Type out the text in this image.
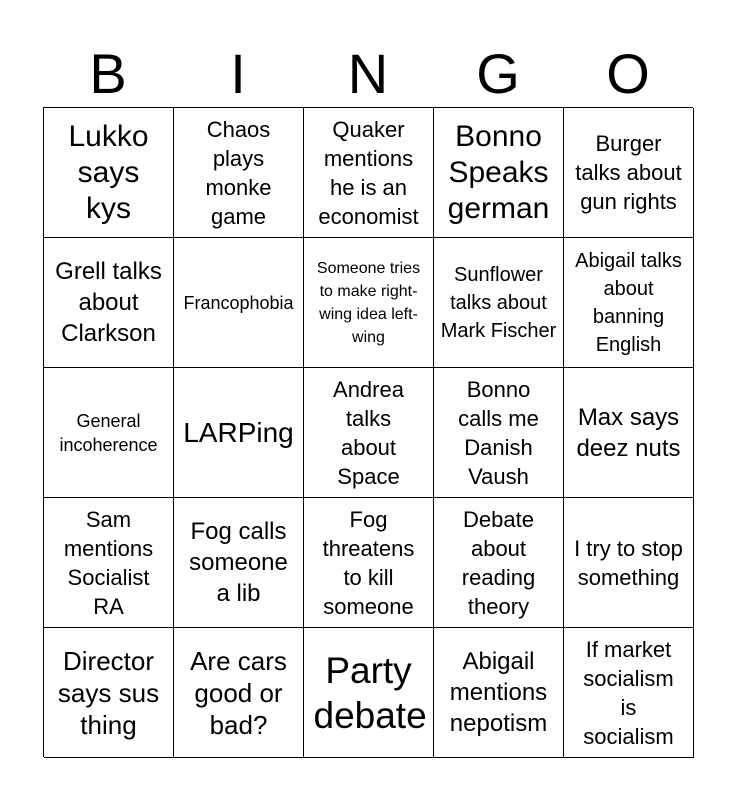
B	I	N	G	O
Lukko says kys
Chaos plays monke game
Quaker mentions he is an economist
Bonno Speaks german
Burger talks about gun rights
Grell talks about Clarkson
Francophobia
Someone tries to make right-wing idea left-wing
Sunflower talks about Mark Fischer
Abigail talks about banning English
General incoherence LARPing
Andrea talks about Space
Bonno calls me Danish Vaush
Max says deez nuts
Sam mentions Socialist RA
Fog calls someone a lib
Fog threatens to kill someone
Debate about reading theory
I try to stop something
Director says sus thing
Are cars good or bad?
Party debate
Abigail mentions nepotism
If market socialism is socialism
